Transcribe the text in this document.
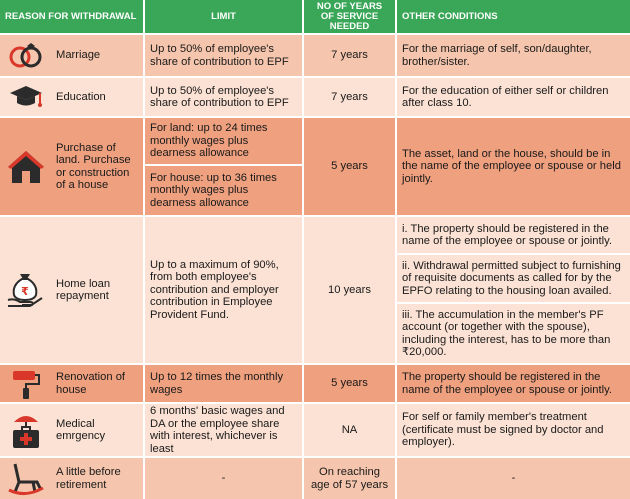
REASON FOR WITHDRAWAL	LIMIT
NO OF YEARS OF SERVICE NEEDED
OTHER CONDITIONS
Marriage
Up to 50% of employee's share of contribution to EPF
7 years
For the marriage of self, son/daughter, brother/sister.
Education
Up to 50% of employee's share of contribution to EPF
7 years
For the education of either self or children after class 10.
Purchase of land. Purchase or construction of a house
For land: up to 24 times monthly wages plus dearness allowance
For house: up to 36 times monthly wages plus dearness allowance
5 years
The asset, land or the house, should be in the name of the employee or spouse or held jointly.
Home loan repayment
₹
Up to a maximum of 90%, from both employee's contribution and employer contribution in Employee Provident Fund.
10 years
i. The property should be registered in the name of the employee or spouse or jointly.
ii. Withdrawal permitted subject to furnishing of requisite documents as called for by the EPFO relating to the housing loan availed.
iii. The accumulation in the member's PF account (or together with the spouse), including the interest, has to be more than ₹20,000.
Renovation of house
Up to 12 times the monthly wages
5 years
The property should be registered in the name of the employee or spouse or jointly.
Medical emrgency
6 months' basic wages and DA or the employee share with interest, whichever is least
NA
For self or family member's treatment (certificate must be signed by doctor and employer).
A little before retirement
-
On reaching age of 57 years
-
